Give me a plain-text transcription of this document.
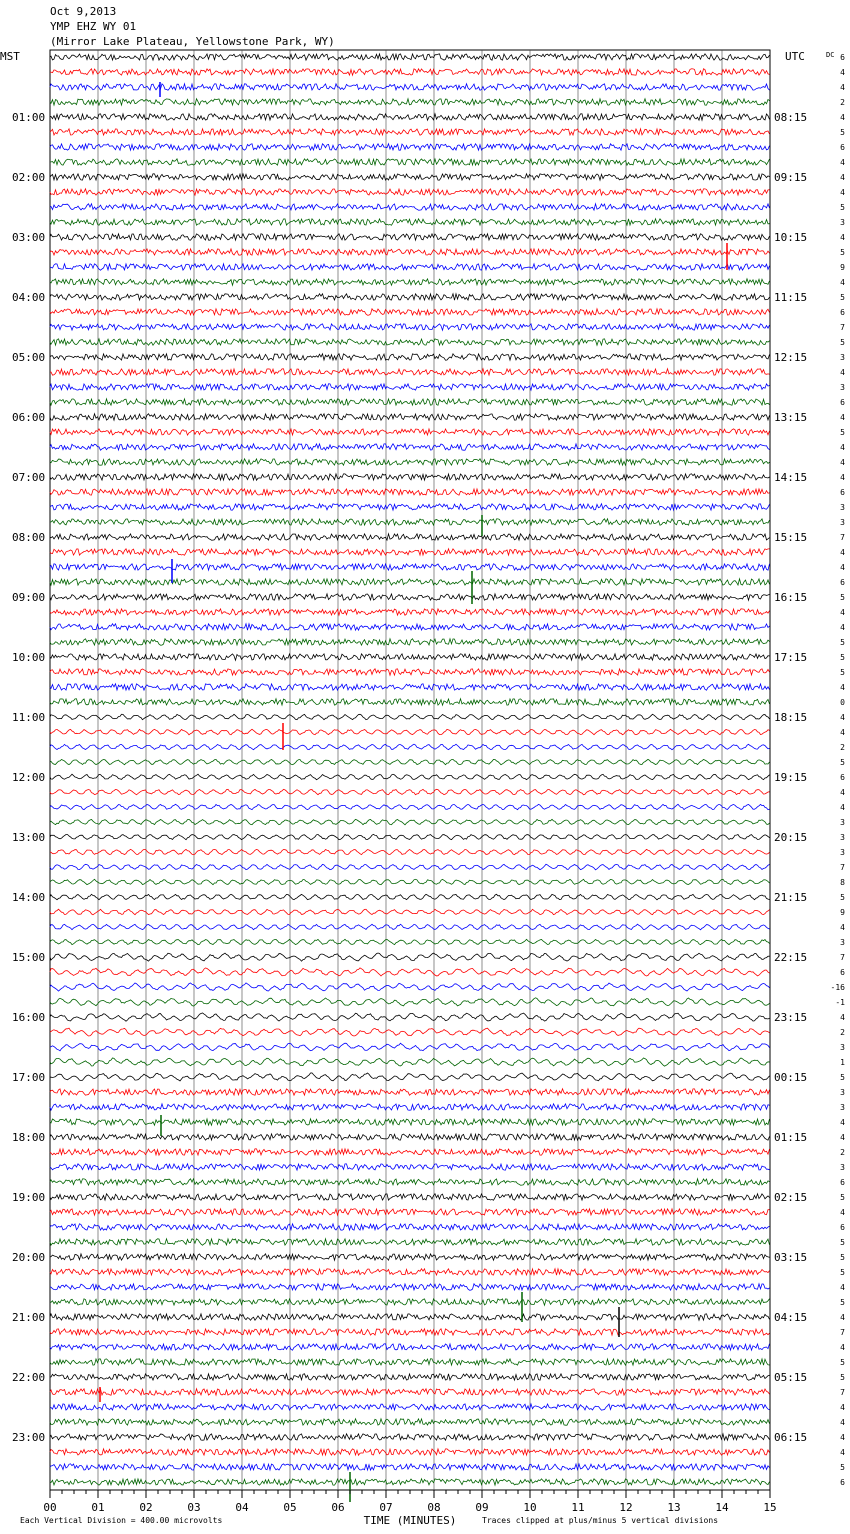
Oct 9,2013
YMP EHZ WY 01
(Mirror Lake Plateau, Yellowstone Park, WY)
6
4
4
2
4
5
6
4
4
4
5
3
4
5
9
4
5
6
7
5
3
4
3
6
4
5
4
4
4
6
3
3
7
4
4
6
5
4
4
5
5
5
4
0
4
4
2
5
6
4
4
3
3
3
7
8
5
9
4
3
7
6
-16
-1
4
2
3
1
5
3
3
4
4
2
3
6
5
4
6
5
5
5
4
5
4
7
4
5
5
7
4
4
4
4
5
6
MST	UTC	DC
01:00
02:00
03:00
04:00
05:00
06:00
07:00
08:00
09:00
10:00
11:00
12:00
13:00
14:00
15:00
16:00
17:00
18:00
19:00
20:00
21:00
22:00
23:00
08:15
09:15
10:15
11:15
12:15
13:15
14:15
15:15
16:15
17:15
18:15
19:15
20:15
21:15
22:15
23:15
00:15
01:15
02:15
03:15
04:15
05:15
06:15
00	01	02	03	04	05	06	07	08	09	10	11	12	13	14	15
TIME (MINUTES)
Each Vertical Division = 400.00 microvolts	Traces clipped at plus/minus 5 vertical divisions
